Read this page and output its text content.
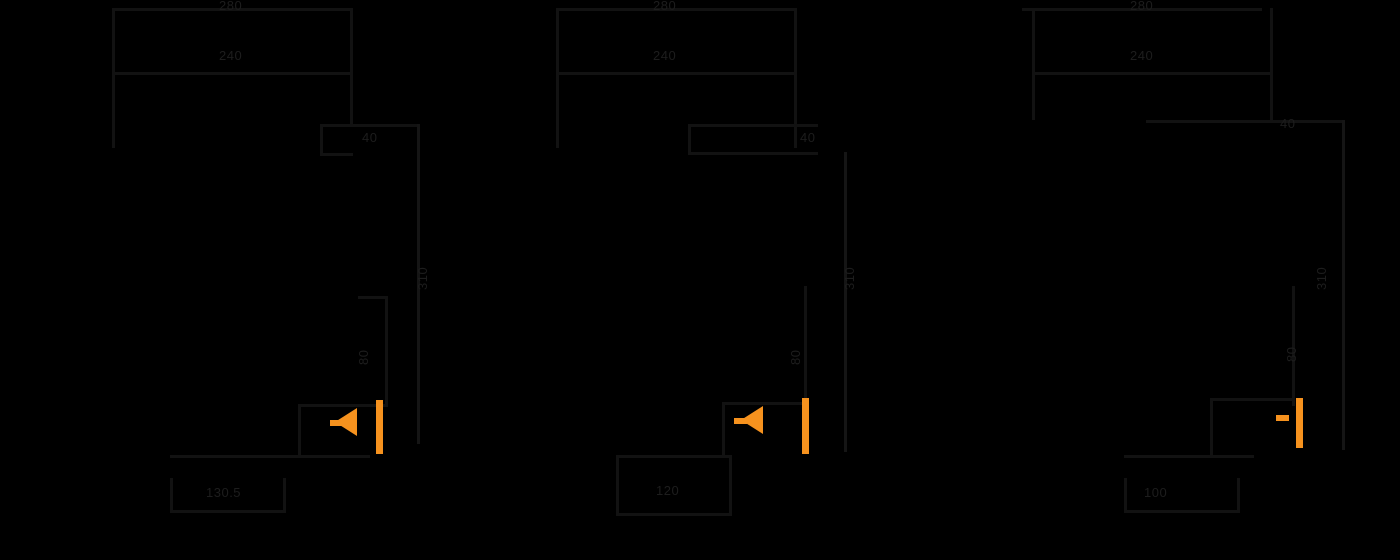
280
240
40
310
80
130.5
280
240
40
310
80
120
280
240
40
310
80
100
